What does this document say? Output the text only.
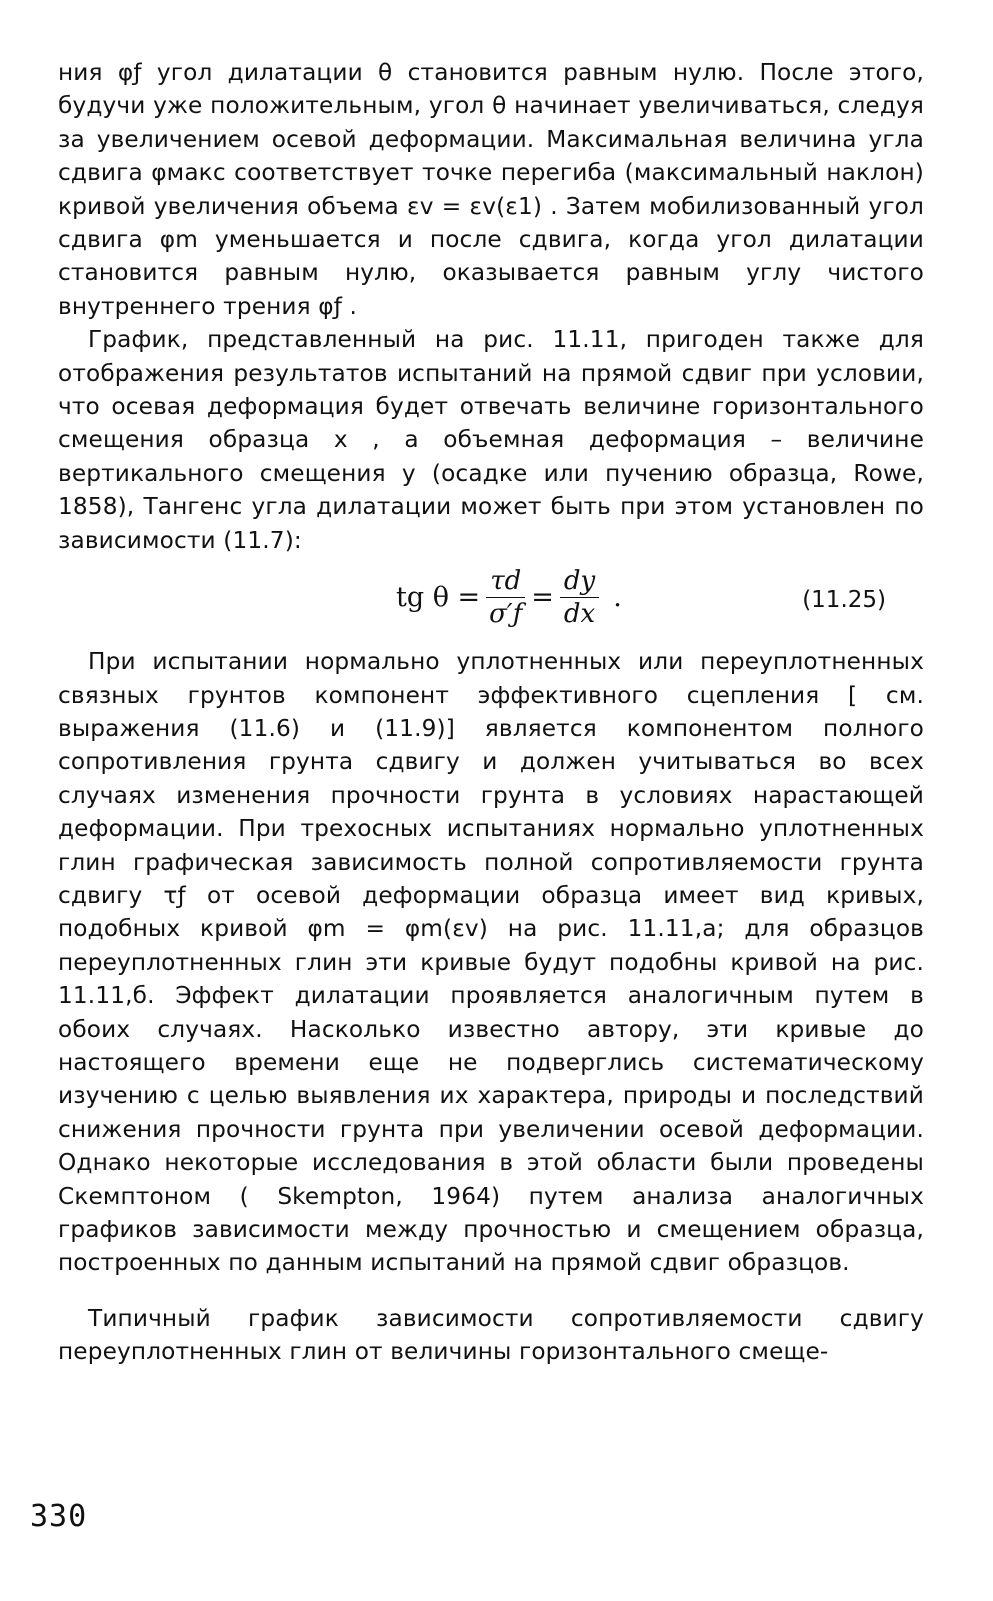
ния φƒ угол дилатации θ становится равным нулю. После этого, будучи уже положительным, угол θ начинает увеличиваться, следуя за увеличением осевой деформации. Максимальная величина угла сдвига φмакс соответствует точке перегиба (максимальный наклон) кривой увеличения объема εv = εv(ε1) . Затем мобилизованный угол сдвига φm уменьшается и после сдвига, когда угол дилатации становится равным нулю, оказывается равным углу чистого внутреннего трения φƒ .

График, представленный на рис. 11.11, пригоден также для отображения результатов испытаний на прямой сдвиг при условии, что осевая деформация будет отвечать величине горизонтального смещения образца x , а объемная деформация – величине вертикального смещения y (осадке или пучению образца, Rowe, 1858), Тангенс угла дилатации может быть при этом установлен по зависимости (11.7):

tg $\theta = \frac{\tau d}{\sigma'ƒ} = \frac{dy}{dx}$ .	(11.25)

При испытании нормально уплотненных или переуплотненных связных грунтов компонент эффективного сцепления [ см. выражения (11.6) и (11.9)] является компонентом полного сопротивления грунта сдвигу и должен учитываться во всех случаях изменения прочности грунта в условиях нарастающей деформации. При трехосных испытаниях нормально уплотненных глин графическая зависимость полной сопротивляемости грунта сдвигу τƒ от осевой деформации образца имеет вид кривых, подобных кривой φm = φm(εv) на рис. 11.11,а; для образцов переуплотненных глин эти кривые будут подобны кривой на рис. 11.11,б. Эффект дилатации проявляется аналогичным путем в обоих случаях. Насколько известно автору, эти кривые до настоящего времени еще не подверглись систематическому изучению с целью выявления их характера, природы и последствий снижения прочности грунта при увеличении осевой деформации. Однако некоторые исследования в этой области были проведены Скемптоном ( Skempton, 1964) путем анализа аналогичных графиков зависимости между прочностью и смещением образца, построенных по данным испытаний на прямой сдвиг образцов.

Типичный график зависимости сопротивляемости сдвигу переуплотненных глин от величины горизонтального смеще-

330
